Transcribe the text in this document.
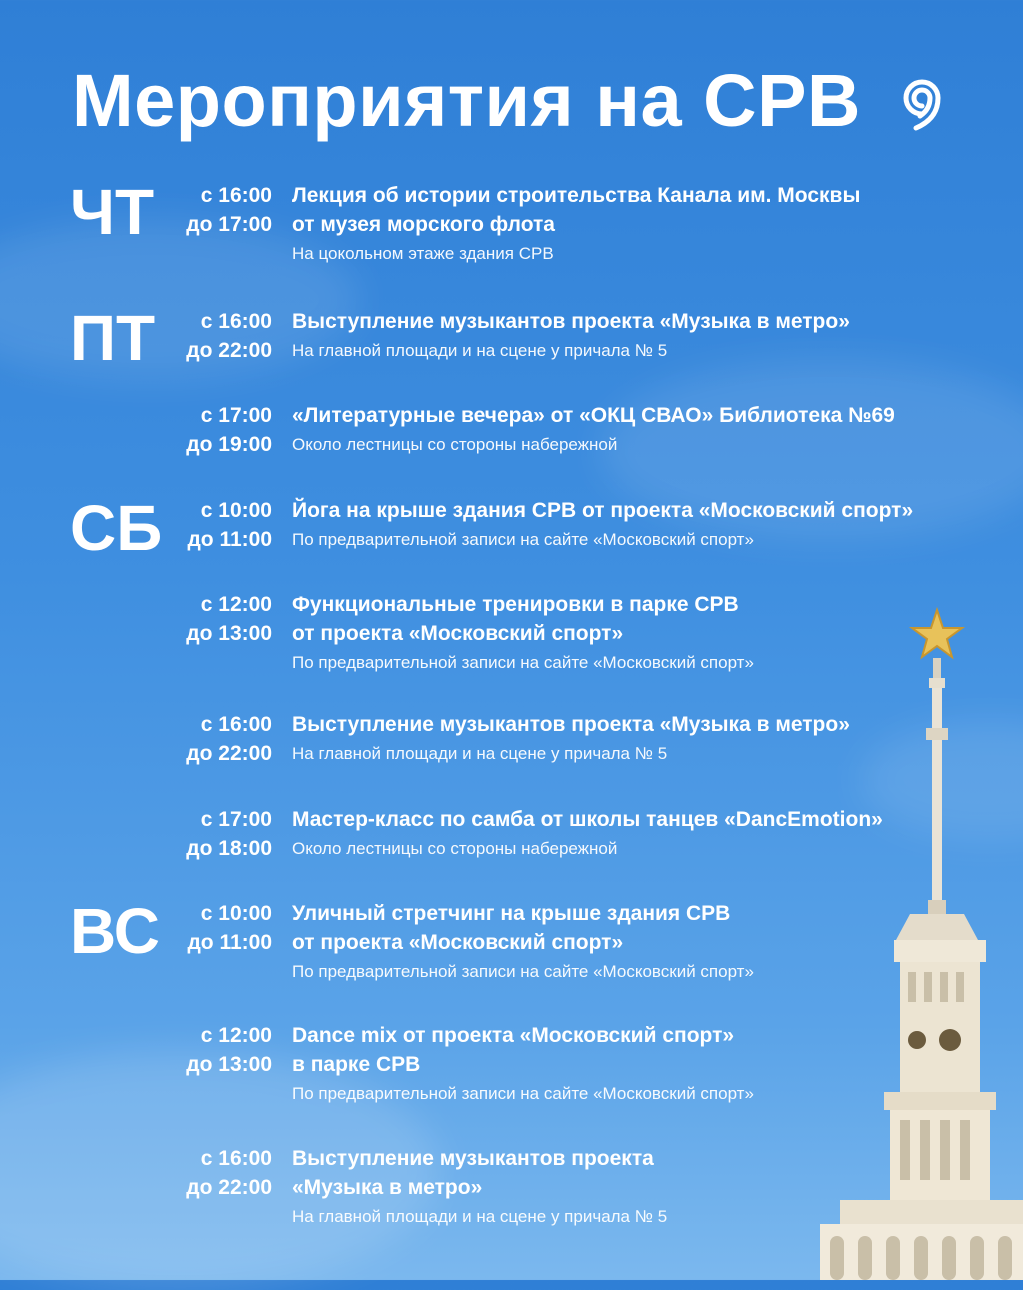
Мероприятия на СРВ
ЧТ
ПТ
СБ
ВС
с 16:00
до 17:00
Лекция об истории строительства Канала им. Москвы
от музея морского флота
На цокольном этаже здания СРВ
с 16:00
до 22:00
Выступление музыкантов проекта «Музыка в метро»
На главной площади и на сцене у причала № 5
с 17:00
до 19:00
«Литературные вечера» от «ОКЦ СВАО» Библиотека №69
Около лестницы со стороны набережной
с 10:00
до 11:00
Йога на крыше здания СРВ от проекта «Московский спорт»
По предварительной записи на сайте «Московский спорт»
с 12:00
до 13:00
Функциональные тренировки в парке СРВ
от проекта «Московский спорт»
По предварительной записи на сайте «Московский спорт»
с 16:00
до 22:00
Выступление музыкантов проекта «Музыка в метро»
На главной площади и на сцене у причала № 5
с 17:00
до 18:00
Мастер-класс по самба от школы танцев «DancEmotion»
Около лестницы со стороны набережной
с 10:00
до 11:00
Уличный стретчинг на крыше здания СРВ
от проекта «Московский спорт»
По предварительной записи на сайте «Московский спорт»
с 12:00
до 13:00
Dance mix от проекта «Московский спорт»
в парке СРВ
По предварительной записи на сайте «Московский спорт»
с 16:00
до 22:00
Выступление музыкантов проекта
«Музыка в метро»
На главной площади и на сцене у причала № 5
